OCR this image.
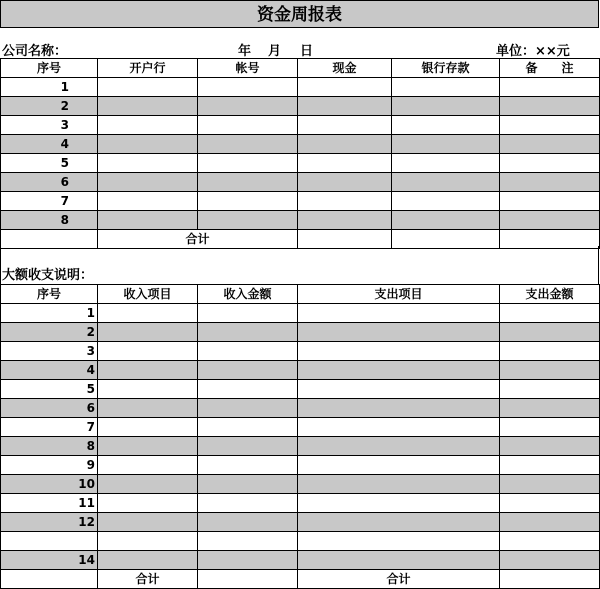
资金周报表
公司名称：	年 月 日	单位：××元
序号	开户行	帐号	现金	银行存款	备　　注
1					
2					
3					
4					
5					
6					
7					
8					
	合计				
大额收支说明：
序号	收入项目	收入金额	支出项目	支出金额
1				
2				
3				
4				
5				
6				
7				
8				
9				
10				
11				
12				

14				
	合计		合计	
